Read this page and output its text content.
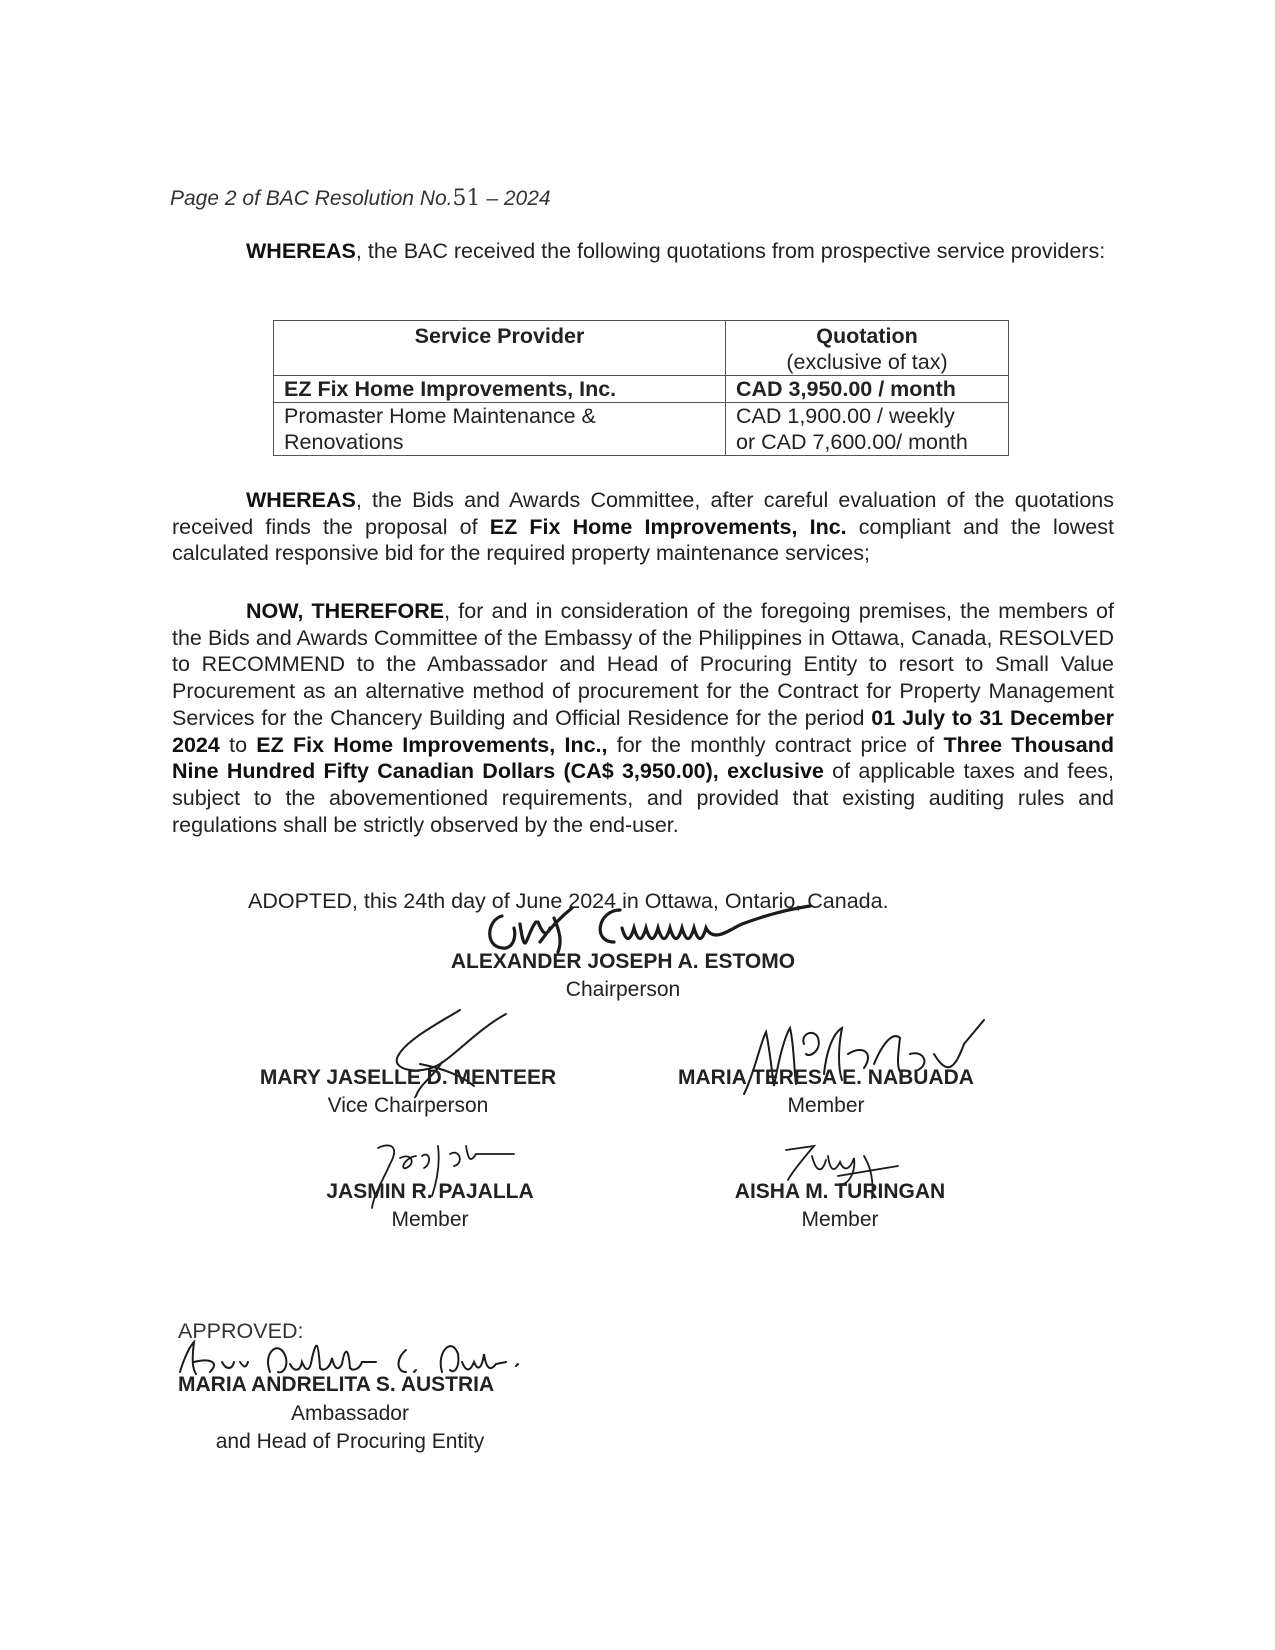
Page 2 of BAC Resolution No.51 – 2024

WHEREAS, the BAC received the following quotations from prospective service providers:

Service Provider	Quotation
(exclusive of tax)

EZ Fix Home Improvements, Inc.	CAD 3,950.00 / month
Promaster Home Maintenance & Renovations	CAD 1,900.00 / weekly
or CAD 7,600.00/ month

WHEREAS, the Bids and Awards Committee, after careful evaluation of the quotations received finds the proposal of EZ Fix Home Improvements, Inc. compliant and the lowest calculated responsive bid for the required property maintenance services;

NOW, THEREFORE, for and in consideration of the foregoing premises, the members of the Bids and Awards Committee of the Embassy of the Philippines in Ottawa, Canada, RESOLVED to RECOMMEND to the Ambassador and Head of Procuring Entity to resort to Small Value Procurement as an alternative method of procurement for the Contract for Property Management Services for the Chancery Building and Official Residence for the period 01 July to 31 December 2024 to EZ Fix Home Improvements, Inc., for the monthly contract price of Three Thousand Nine Hundred Fifty Canadian Dollars (CA$ 3,950.00), exclusive of applicable taxes and fees, subject to the abovementioned requirements, and provided that existing auditing rules and regulations shall be strictly observed by the end-user.

ADOPTED, this 24th day of June 2024 in Ottawa, Ontario, Canada.
ALEXANDER JOSEPH A. ESTOMO
Chairperson
MARY JASELLE D. MENTEER
Vice Chairperson
MARIA TERESA E. NABUADA
Member
JASMIN R. PAJALLA
Member
AISHA M. TURINGAN
Member
APPROVED:
MARIA ANDRELITA S. AUSTRIA
Ambassador
and Head of Procuring Entity
